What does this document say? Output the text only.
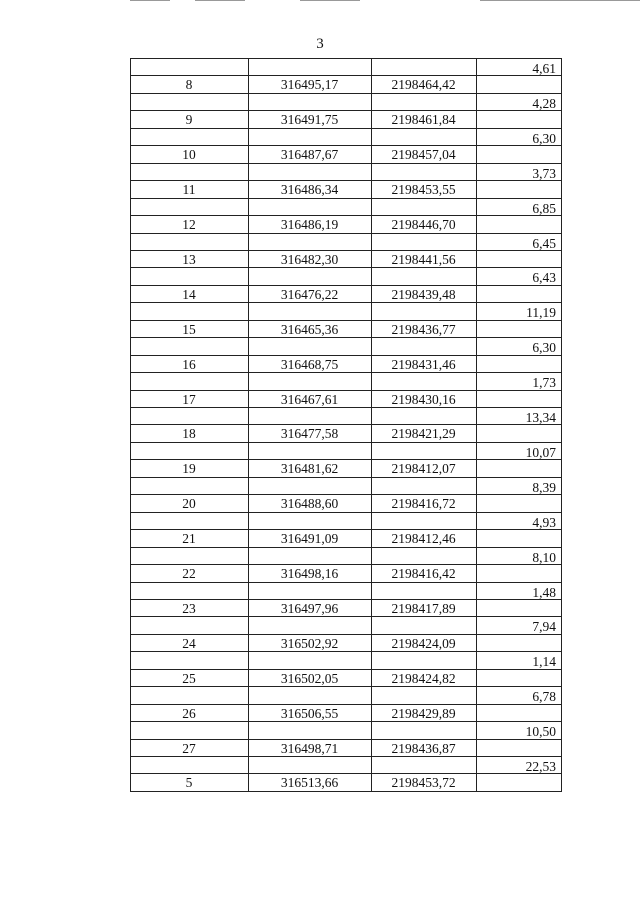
3
4,61
8	316495,17	2198464,42
4,28
9	316491,75	2198461,84
6,30
10	316487,67	2198457,04
3,73
11	316486,34	2198453,55
6,85
12	316486,19	2198446,70
6,45
13	316482,30	2198441,56
6,43
14	316476,22	2198439,48
11,19
15	316465,36	2198436,77
6,30
16	316468,75	2198431,46
1,73
17	316467,61	2198430,16
13,34
18	316477,58	2198421,29
10,07
19	316481,62	2198412,07
8,39
20	316488,60	2198416,72
4,93
21	316491,09	2198412,46
8,10
22	316498,16	2198416,42
1,48
23	316497,96	2198417,89
7,94
24	316502,92	2198424,09
1,14
25	316502,05	2198424,82
6,78
26	316506,55	2198429,89
10,50
27	316498,71	2198436,87
22,53
5	316513,66	2198453,72
